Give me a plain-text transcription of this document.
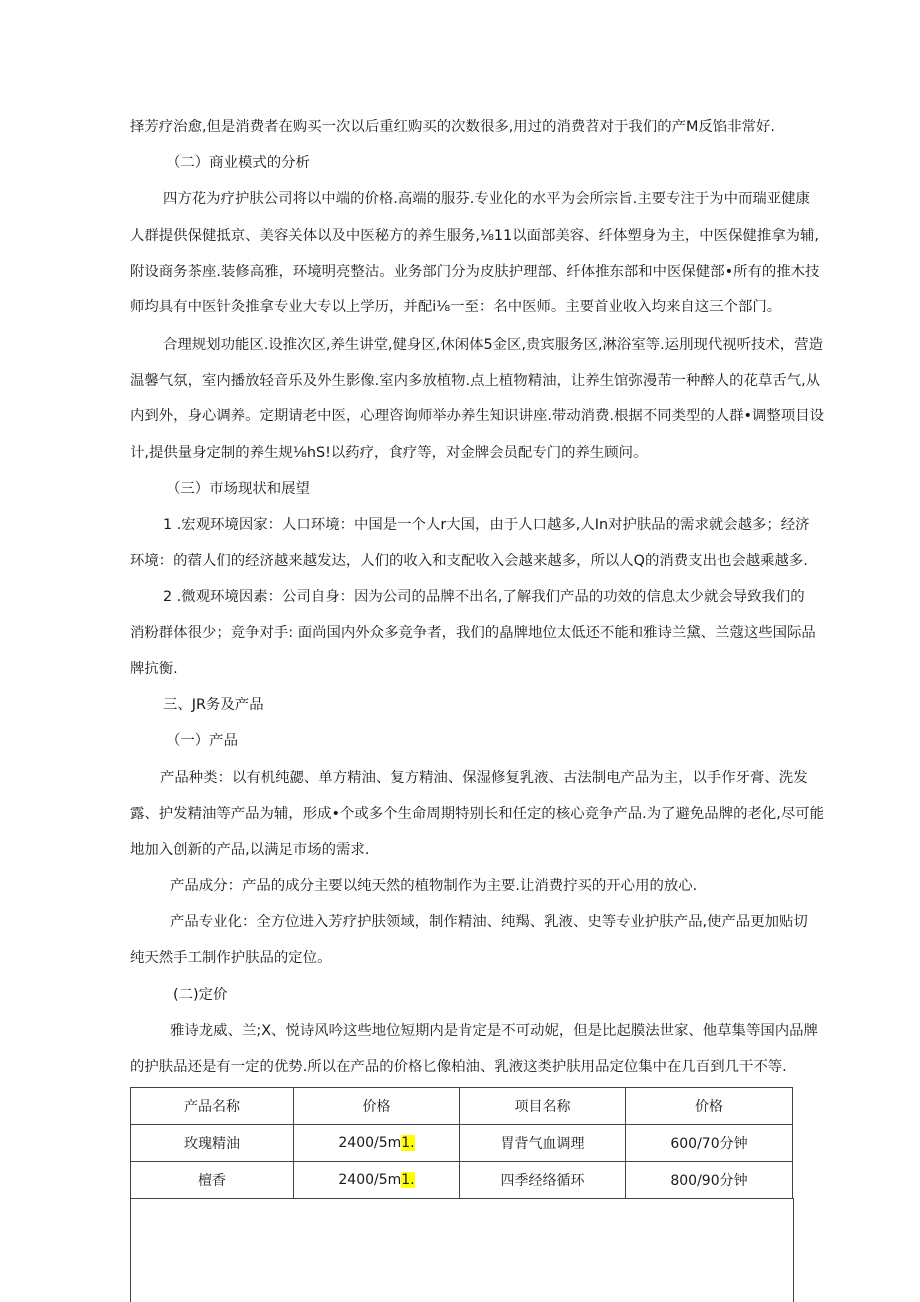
择芳疗治愈,但是消费者在购买一次以后重红购买的次数很多,用过的消费苕对于我们的产M反馅非常好.
（二）商业模式的分析
四方花为疗护肤公司将以中端的价格.高端的服芬.专业化的水平为会所宗旨.主要专注于为中而瑞亚健康
人群提供保健抵京、美容关体以及中医秘方的养生服务,⅛11以面部美容、纤体塑身为主，中医保健推拿为辅,
附设商务茶座.装修高雅，环境明亮整沽。业务部门分为皮肤护理部、纤体推东部和中医保健部•所有的推木技
师均具有中医针灸推拿专业大专以上学历，并配i⅛一至：名中医师。主要首业收入均来自这三个部门。
合理规划功能区.设推次区,养生讲堂,健身区,休闲体5金区,贵宾服务区,淋浴室等.运刖现代视听技术，营造
温馨气氛，室内播放轻音乐及外生影像.室内多放植物.点上植物精油，让养生馆弥漫芾一种醉人的花草舌气,从
内到外，身心调养。定期请老中医，心理咨询师举办养生知识讲座.带动消费.根据不同类型的人群•调整项目设
计,提供量身定制的养生规⅛hS!以药疗，食疗等，对金牌会员配专门的养生顾问。
（三）市场现状和展望
1 .宏观环境因家：人口环境：中国是一个人r大国，由于人口越多,人In对护肤品的需求就会越多；经济
环境：的蓿人们的经济越来越发达，人们的收入和支配收入会越来越多，所以人Q的消费支出也会越乘越多.
2 .微观环境因素：公司自身：因为公司的品牌不出名,了解我们产品的功效的信息太少就会导致我们的
消粉群体很少；竞争对手: 面尚国内外众多竞争者，我们的皛牌地位太低还不能和雅诗兰黛、兰蔻这些国际品
牌抗衡.
三、JR务及产品
（一）产品
产品种类：以有机纯勰、单方精油、复方精油、保湿修复乳液、古法制电产品为主，以手作牙膏、洗发
露、护发精油等产品为辅，形成•个或多个生命周期特别长和任定的核心竞争产品.为了避免品牌的老化,尽可能
地加入创新的产品,以满足市场的需求.
产品成分：产品的成分主要以纯天然的植物制作为主要.让消费拧买的开心用的放心.
产品专业化：全方位进入芳疗护肤领域，制作精油、纯羯、乳液、史等专业护肤产品,使产品更加贴切
纯天然手工制作护肤品的定位。
(二)定价
雅诗龙威、兰;X、悦诗风吟这些地位短期内是肯定是不可动妮，但是比起膜法世家、他草集等国内品牌
的护肤品还是有一定的优势.所以在产品的价格匕像柏油、乳液这类护肤用品定位集中在几百到几干不等.
产品名称	价格	项目名称	价格
玫瑰精油	2400/5m1.	胃背气血调理	600/70分钟
檀香	2400/5m1.	四季经络循环	800/90分钟
